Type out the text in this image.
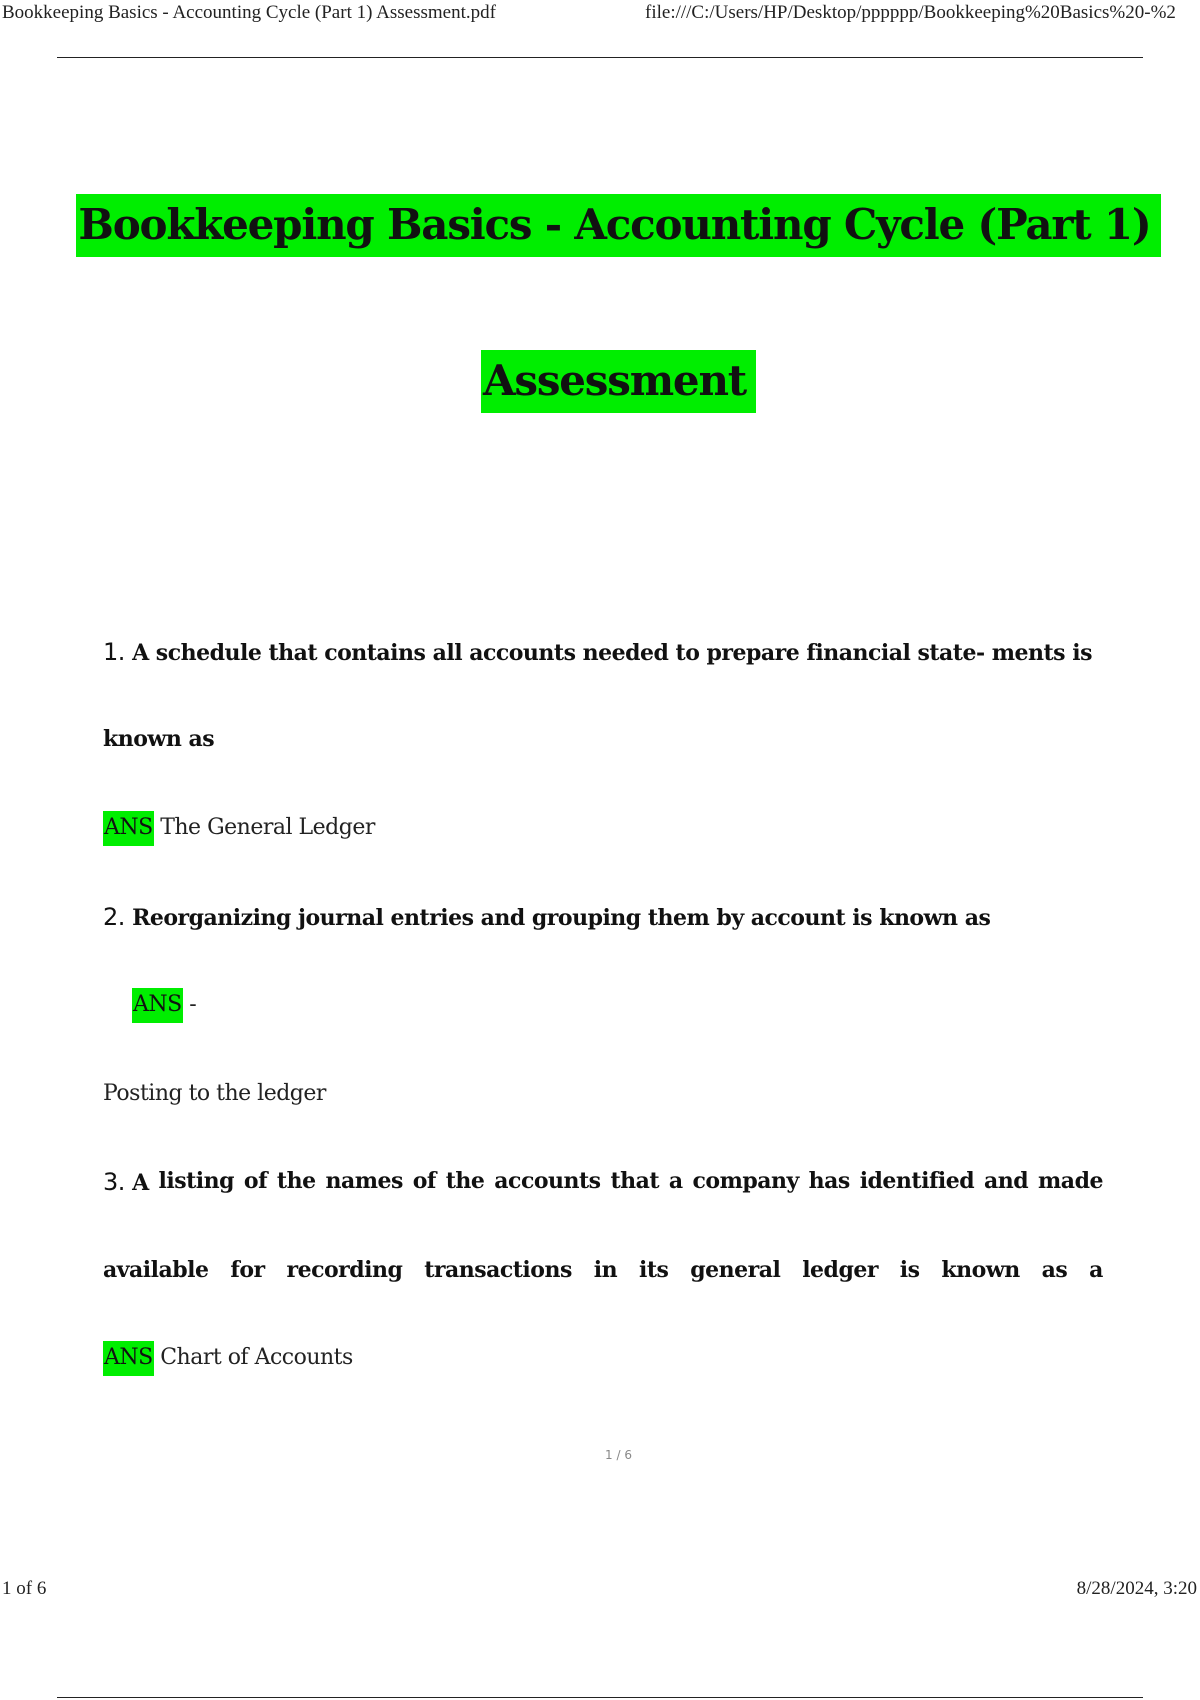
Bookkeeping Basics - Accounting Cycle (Part 1) Assessment.pdf	file:///C:/Users/HP/Desktop/pppppp/Bookkeeping%20Basics%20-%2
Bookkeeping Basics - Accounting Cycle (Part 1)
Assessment
1. A schedule that contains all accounts needed to prepare financial state- ments is
known as
ANS The General Ledger
2. Reorganizing journal entries and grouping them by account is known as
ANS -
Posting to the ledger
3. A listing of the names of the accounts that a company has identified and made
available for recording transactions in its general ledger is known as a
ANS Chart of Accounts
1 / 6
1 of 6	8/28/2024, 3:20
